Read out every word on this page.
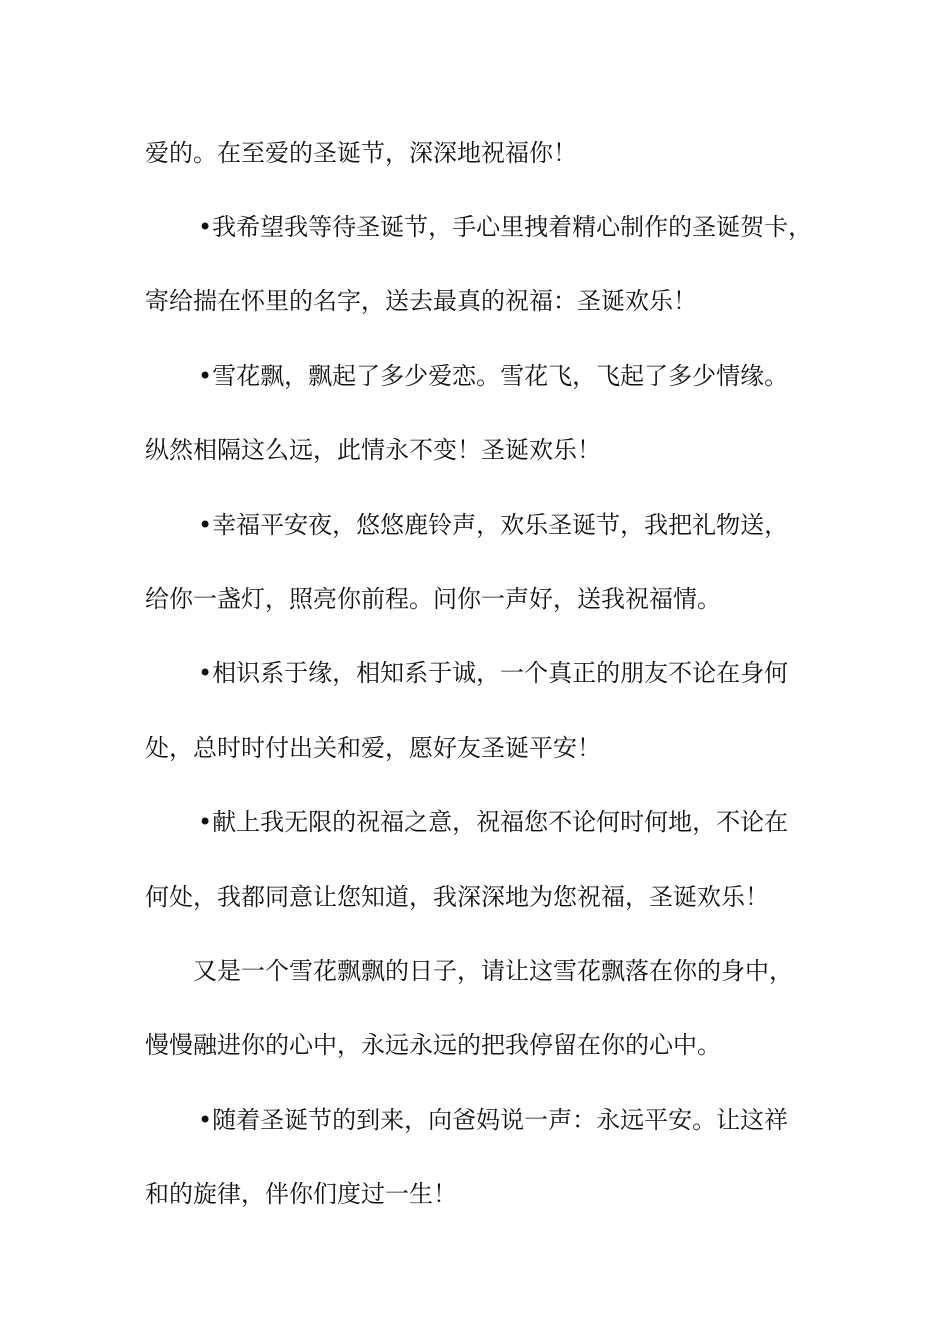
爱的。在至爱的圣诞节，深深地祝福你！
•我希望我等待圣诞节，手心里拽着精心制作的圣诞贺卡，
寄给揣在怀里的名字，送去最真的祝福：圣诞欢乐！
•雪花飘，飘起了多少爱恋。雪花飞，飞起了多少情缘。
纵然相隔这么远，此情永不变！圣诞欢乐！
•幸福平安夜，悠悠鹿铃声，欢乐圣诞节，我把礼物送，
给你一盏灯，照亮你前程。问你一声好，送我祝福情。
•相识系于缘，相知系于诚，一个真正的朋友不论在身何
处，总时时付出关和爱，愿好友圣诞平安！
•献上我无限的祝福之意，祝福您不论何时何地，不论在
何处，我都同意让您知道，我深深地为您祝福，圣诞欢乐！
又是一个雪花飘飘的日子，请让这雪花飘落在你的身中，
慢慢融进你的心中，永远永远的把我停留在你的心中。
•随着圣诞节的到来，向爸妈说一声：永远平安。让这祥
和的旋律，伴你们度过一生！
